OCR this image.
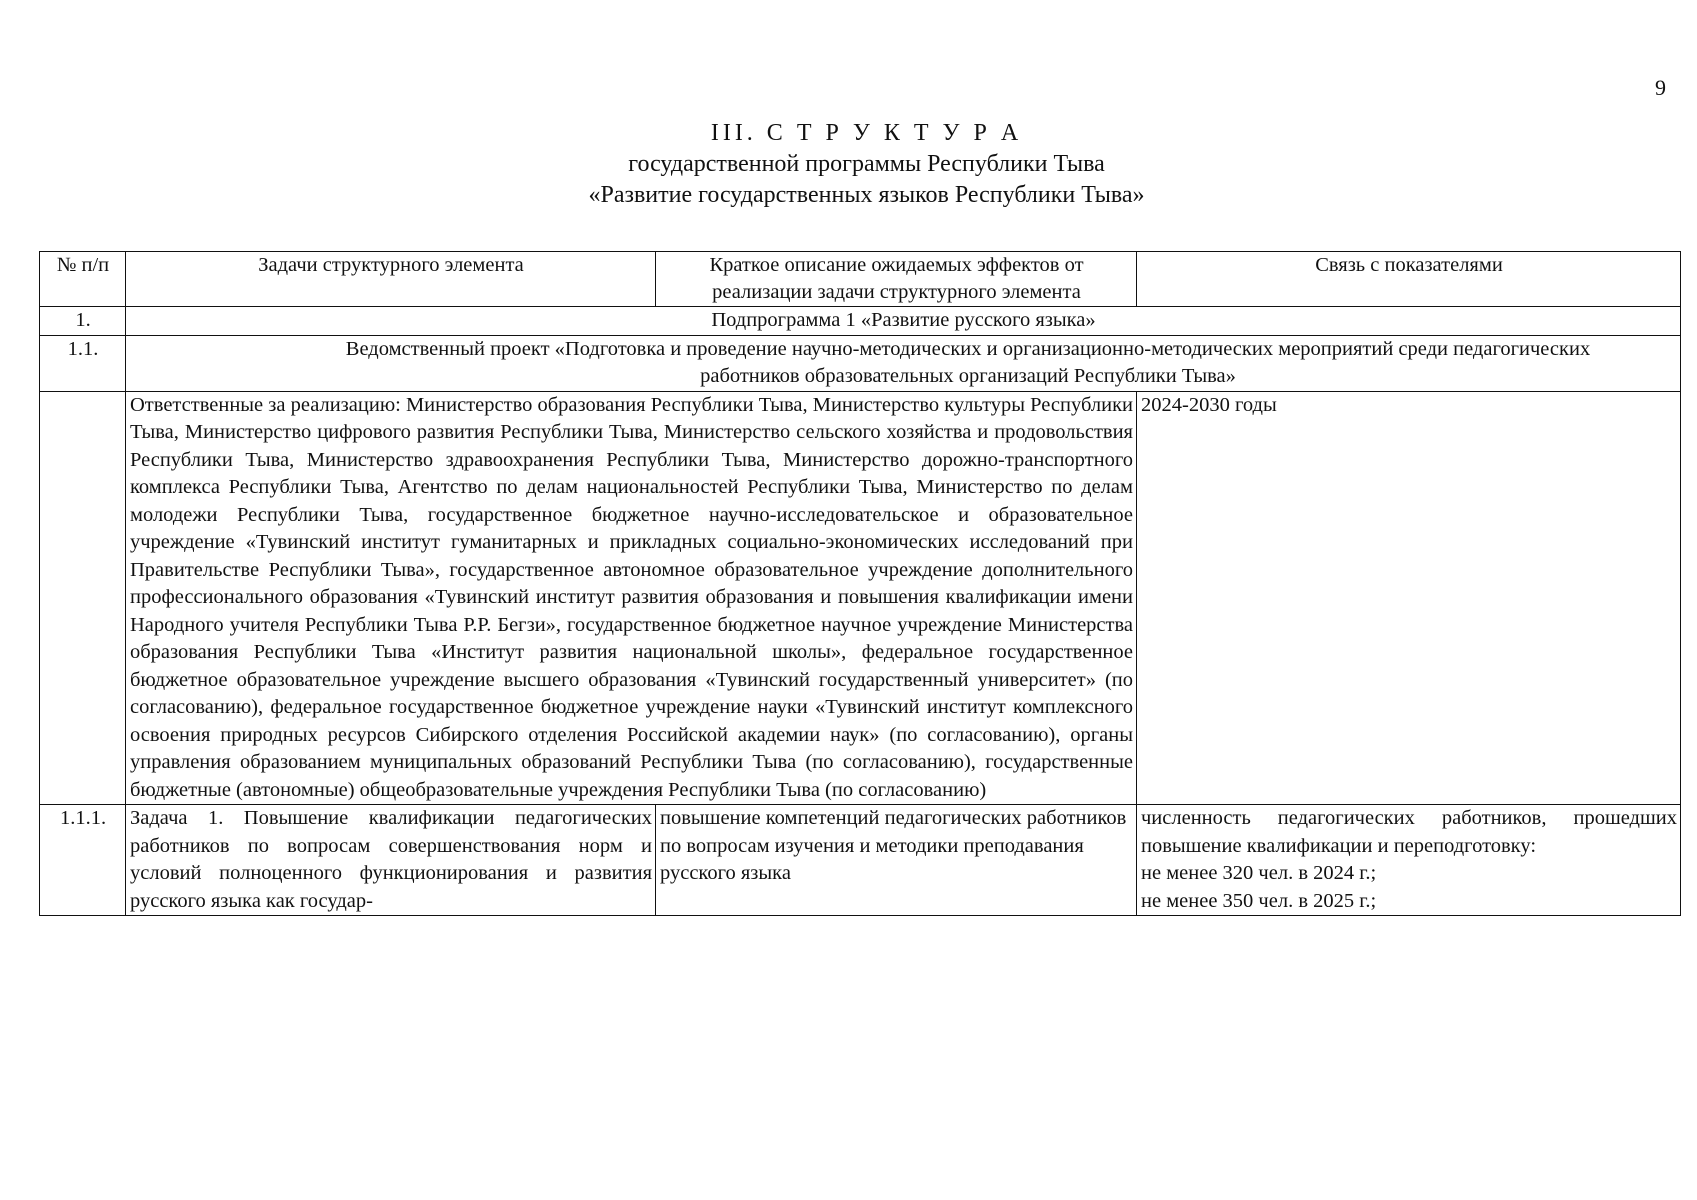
9
III. С Т Р У К Т У Р А
государственной программы Республики Тыва
«Развитие государственных языков Республики Тыва»
№ п/п	Задачи структурного элемента	Краткое описание ожидаемых эффектов от реализации задачи структурного элемента	Связь с показателями
1.	Подпрограмма 1 «Развитие русского языка»		
1.1.	Ведомственный проект «Подготовка и проведение научно-методических и организационно-методических мероприятий среди педагогических работников образовательных организаций Республики Тыва»		
	Ответственные за реализацию: Министерство образования Республики Тыва, Министерство культуры Республики Тыва, Министерство цифрового развития Республики Тыва, Министерство сельского хозяйства и продовольствия Республики Тыва, Министерство здравоохранения Республики Тыва, Министерство дорожно-транспортного комплекса Республики Тыва, Агентство по делам национальностей Республики Тыва, Министерство по делам молодежи Республики Тыва, государственное бюджетное научно-исследовательское и образовательное учреждение «Тувинский институт гуманитарных и прикладных социально-экономических исследований при Правительстве Республики Тыва», государственное автономное образовательное учреждение дополнительного профессионального образования «Тувинский институт развития образования и повышения квалификации имени Народного учителя Республики Тыва Р.Р. Бегзи», государственное бюджетное научное учреждение Министерства образования Республики Тыва «Институт развития национальной школы», федеральное государственное бюджетное образовательное учреждение высшего образования «Тувинский государственный университет» (по согласованию), федеральное государственное бюджетное учреждение науки «Тувинский институт комплексного освоения природных ресурсов Сибирского отделения Российской академии наук» (по согласованию), органы управления образованием муниципальных образований Республики Тыва (по согласованию), государственные бюджетные (автономные) общеобразовательные учреждения Республики Тыва (по согласованию)		2024-2030 годы
1.1.1.	Задача 1. Повышение квалификации педагогических работников по вопросам совершенствования норм и условий полноценного функционирования и развития русского языка как государ-	повышение компетенций педагогических работников по вопросам изучения и методики преподавания русского языка	численность педагогических работников, прошедших повышение квалификации и переподготовку:
не менее 320 чел. в 2024 г.;
не менее 350 чел. в 2025 г.;
